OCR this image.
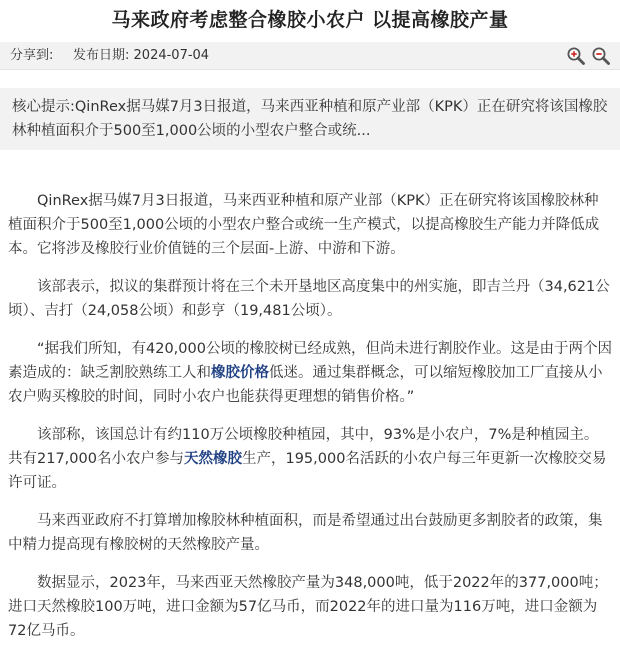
马来政府考虑整合橡胶小农户 以提高橡胶产量
分享到: 发布日期: 2024-07-04
核心提示:QinRex据马媒7月3日报道，马来西亚种植和原产业部（KPK）正在研究将该国橡胶林种植面积介于500至1,000公顷的小型农户整合或统...

QinRex据马媒7月3日报道，马来西亚种植和原产业部（KPK）正在研究将该国橡胶林种植面积介于500至1,000公顷的小型农户整合或统一生产模式，以提高橡胶生产能力并降低成本。它将涉及橡胶行业价值链的三个层面-上游、中游和下游。

该部表示，拟议的集群预计将在三个未开垦地区高度集中的州实施，即吉兰丹（34,621公顷）、吉打（24,058公顷）和彭亨（19,481公顷）。

“据我们所知，有420,000公顷的橡胶树已经成熟，但尚未进行割胶作业。这是由于两个因素造成的：缺乏割胶熟练工人和橡胶价格低迷。通过集群概念，可以缩短橡胶加工厂直接从小农户购买橡胶的时间，同时小农户也能获得更理想的销售价格。”

该部称，该国总计有约110万公顷橡胶种植园，其中，93%是小农户，7%是种植园主。共有217,000名小农户参与天然橡胶生产，195,000名活跃的小农户每三年更新一次橡胶交易许可证。

马来西亚政府不打算增加橡胶林种植面积，而是希望通过出台鼓励更多割胶者的政策，集中精力提高现有橡胶树的天然橡胶产量。

数据显示，2023年，马来西亚天然橡胶产量为348,000吨，低于2022年的377,000吨；进口天然橡胶100万吨，进口金额为57亿马币，而2022年的进口量为116万吨，进口金额为72亿马币。
